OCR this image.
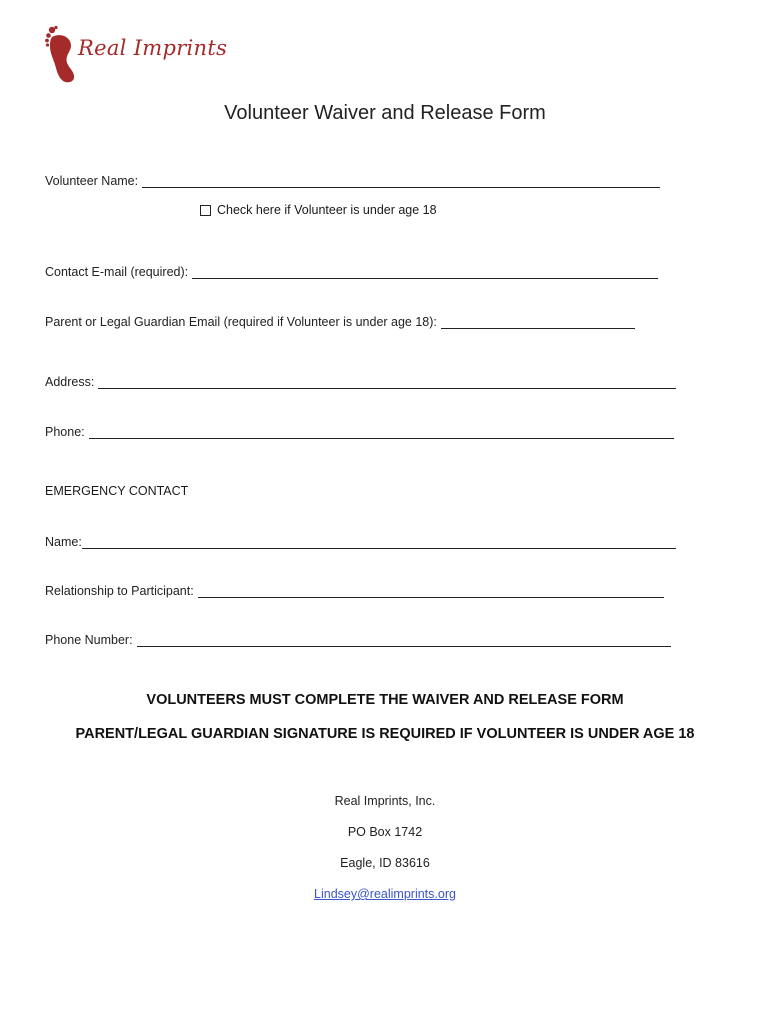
Real Imprints
Volunteer Waiver and Release Form
Volunteer Name:
Check here if Volunteer is under age 18
Contact E-mail (required):
Parent or Legal Guardian Email (required if Volunteer is under age 18):
Address:
Phone:
EMERGENCY CONTACT
Name:
Relationship to Participant:
Phone Number:
VOLUNTEERS MUST COMPLETE THE WAIVER AND RELEASE FORM
PARENT/LEGAL GUARDIAN SIGNATURE IS REQUIRED IF VOLUNTEER IS UNDER AGE 18
Real Imprints, Inc.
PO Box 1742
Eagle, ID 83616
Lindsey@realimprints.org
